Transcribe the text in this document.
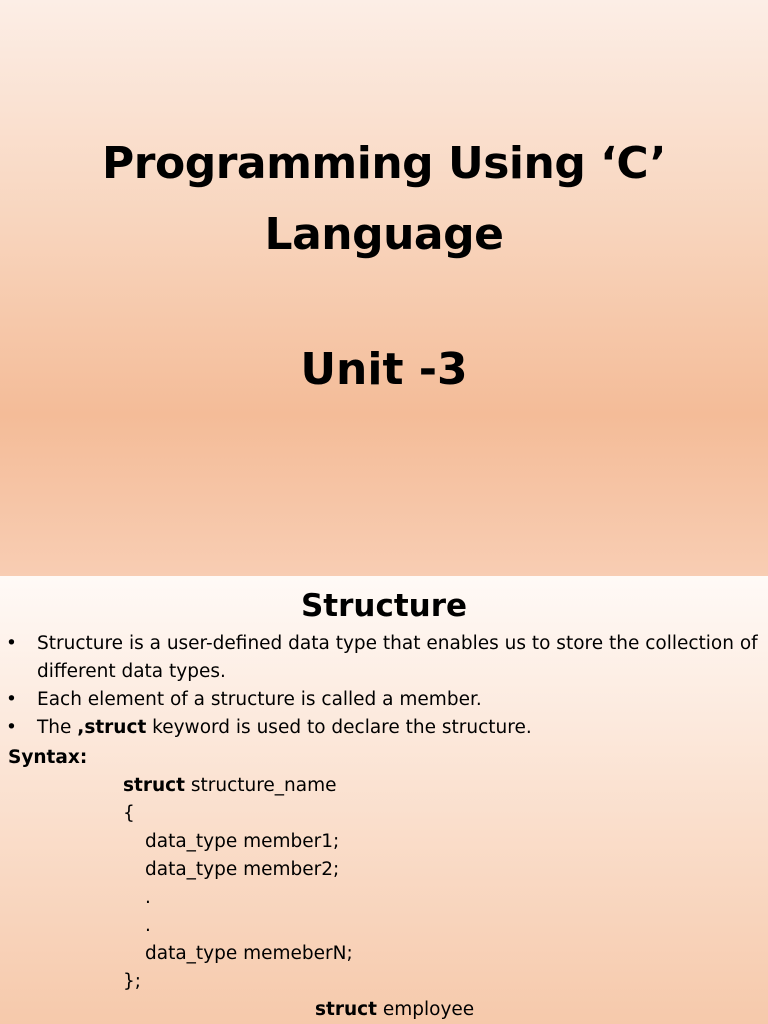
Programming Using ‘C’
Language
Unit -3
Structure
• Structure is a user-defined data type that enables us to store the collection of different data types.
• Each element of a structure is called a member.
• The ,struct keyword is used to declare the structure.
Syntax:
struct structure_name
{
data_type member1;
data_type member2;
.
.
data_type memeberN;
};
struct employee
